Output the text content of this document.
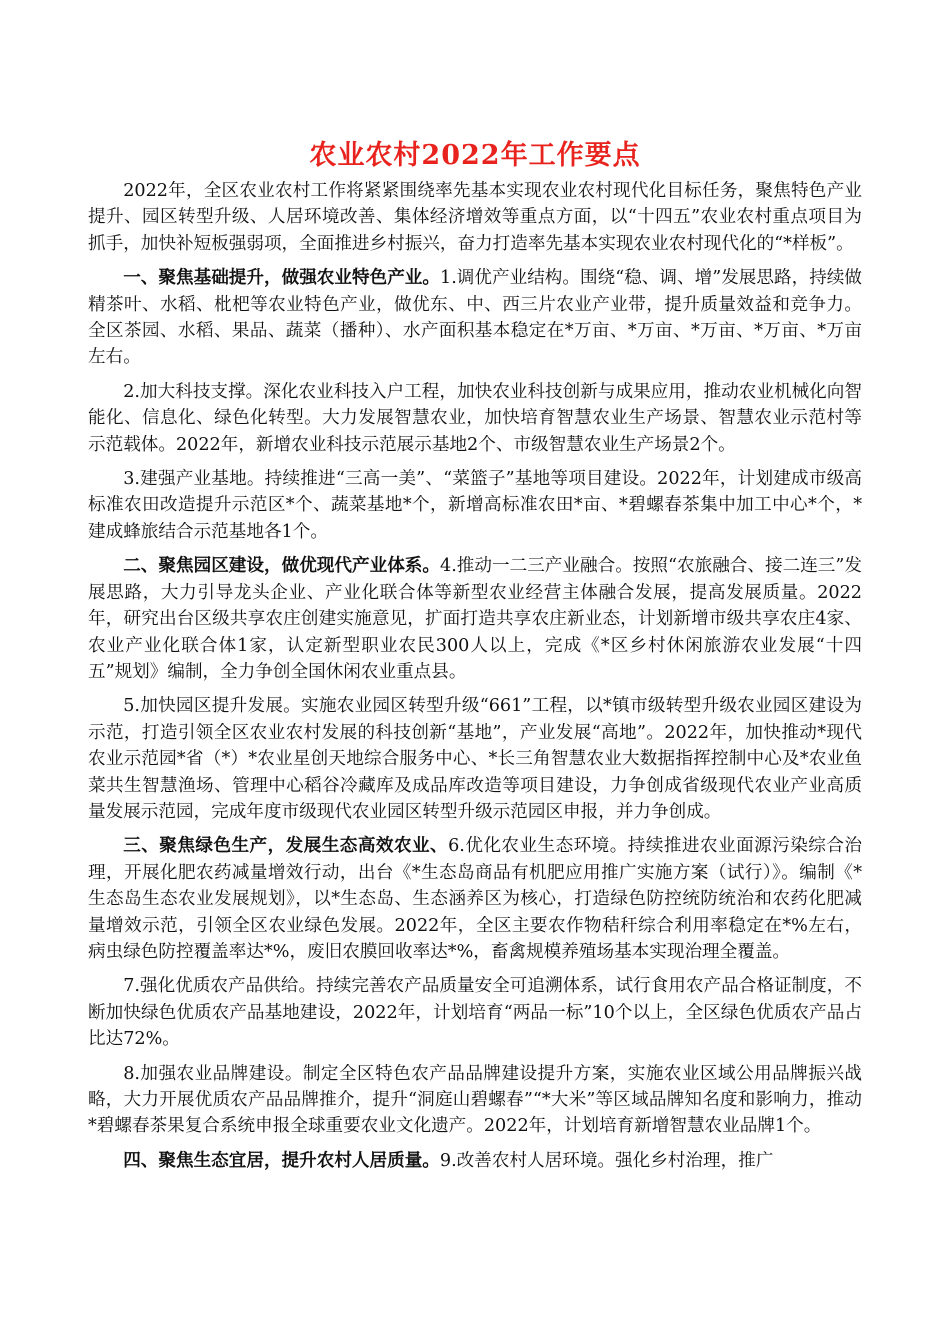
农业农村2022年工作要点

2022年，全区农业农村工作将紧紧围绕率先基本实现农业农村现代化目标任务，聚焦特色产业提升、园区转型升级、人居环境改善、集体经济增效等重点方面，以“十四五”农业农村重点项目为抓手，加快补短板强弱项，全面推进乡村振兴，奋力打造率先基本实现农业农村现代化的“*样板”。

一、聚焦基础提升，做强农业特色产业。1.调优产业结构。围绕“稳、调、增”发展思路，持续做精茶叶、水稻、枇杷等农业特色产业，做优东、中、西三片农业产业带，提升质量效益和竞争力。全区茶园、水稻、果品、蔬菜（播种）、水产面积基本稳定在*万亩、*万亩、*万亩、*万亩、*万亩左右。

2.加大科技支撑。深化农业科技入户工程，加快农业科技创新与成果应用，推动农业机械化向智能化、信息化、绿色化转型。大力发展智慧农业，加快培育智慧农业生产场景、智慧农业示范村等示范载体。2022年，新增农业科技示范展示基地2个、市级智慧农业生产场景2个。

3.建强产业基地。持续推进“三高一美”、“菜篮子”基地等项目建设。2022年，计划建成市级高标准农田改造提升示范区*个、蔬菜基地*个，新增高标准农田*亩、*碧螺春茶集中加工中心*个，*建成蜂旅结合示范基地各1个。

二、聚焦园区建设，做优现代产业体系。4.推动一二三产业融合。按照“农旅融合、接二连三”发展思路，大力引导龙头企业、产业化联合体等新型农业经营主体融合发展，提高发展质量。2022年，研究出台区级共享农庄创建实施意见，扩面打造共享农庄新业态，计划新增市级共享农庄4家、农业产业化联合体1家，认定新型职业农民300人以上，完成《*区乡村休闲旅游农业发展“十四五”规划》编制，全力争创全国休闲农业重点县。

5.加快园区提升发展。实施农业园区转型升级“661”工程，以*镇市级转型升级农业园区建设为示范，打造引领全区农业农村发展的科技创新“基地”，产业发展“高地”。2022年，加快推动*现代农业示范园*省（*）*农业星创天地综合服务中心、*长三角智慧农业大数据指挥控制中心及*农业鱼菜共生智慧渔场、管理中心稻谷冷藏库及成品库改造等项目建设，力争创成省级现代农业产业高质量发展示范园，完成年度市级现代农业园区转型升级示范园区申报，并力争创成。

三、聚焦绿色生产，发展生态高效农业、6.优化农业生态环境。持续推进农业面源污染综合治理，开展化肥农药减量增效行动，出台《*生态岛商品有机肥应用推广实施方案（试行）》。编制《*生态岛生态农业发展规划》，以*生态岛、生态涵养区为核心，打造绿色防控统防统治和农药化肥减量增效示范，引领全区农业绿色发展。2022年，全区主要农作物秸秆综合利用率稳定在*%左右，病虫绿色防控覆盖率达*%，废旧农膜回收率达*%，畜禽规模养殖场基本实现治理全覆盖。

7.强化优质农产品供给。持续完善农产品质量安全可追溯体系，试行食用农产品合格证制度，不断加快绿色优质农产品基地建设，2022年，计划培育“两品一标”10个以上，全区绿色优质农产品占比达72%。

8.加强农业品牌建设。制定全区特色农产品品牌建设提升方案，实施农业区域公用品牌振兴战略，大力开展优质农产品品牌推介，提升“洞庭山碧螺春”“*大米”等区域品牌知名度和影响力，推动*碧螺春茶果复合系统申报全球重要农业文化遗产。2022年，计划培育新增智慧农业品牌1个。

四、聚焦生态宜居，提升农村人居质量。9.改善农村人居环境。强化乡村治理，推广
